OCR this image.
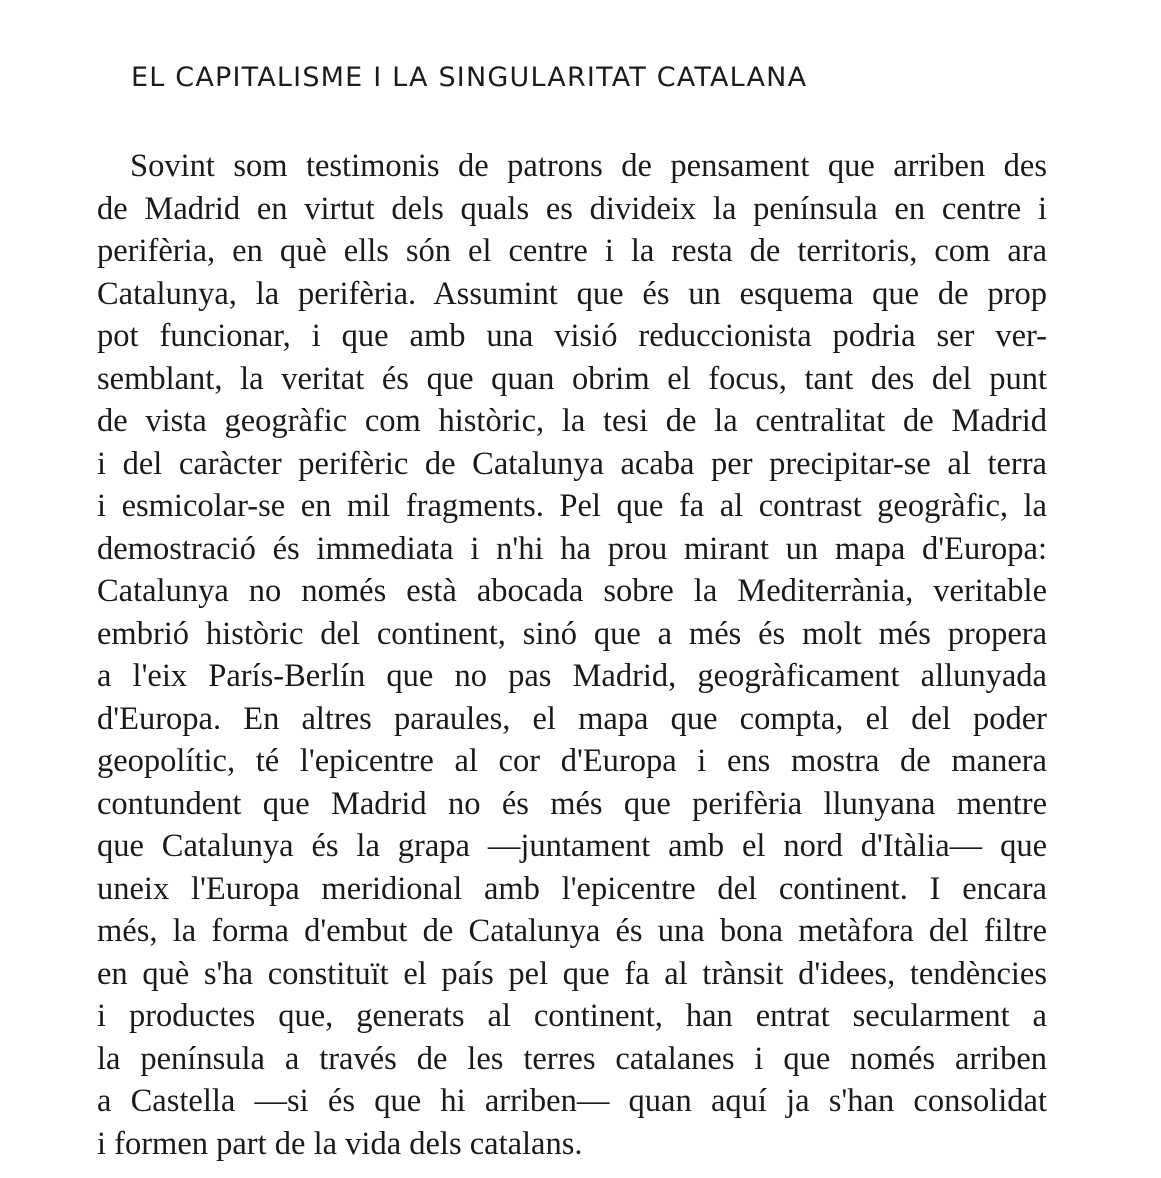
EL CAPITALISME I LA SINGULARITAT CATALANA
Sovint som testimonis de patrons de pensament que arriben des
de Madrid en virtut dels quals es divideix la península en centre i
perifèria, en què ells són el centre i la resta de territoris, com ara
Catalunya, la perifèria. Assumint que és un esquema que de prop
pot funcionar, i que amb una visió reduccionista podria ser ver-
semblant, la veritat és que quan obrim el focus, tant des del punt
de vista geogràfic com històric, la tesi de la centralitat de Madrid
i del caràcter perifèric de Catalunya acaba per precipitar-se al terra
i esmicolar-se en mil fragments. Pel que fa al contrast geogràfic, la
demostració és immediata i n'hi ha prou mirant un mapa d'Europa:
Catalunya no només està abocada sobre la Mediterrània, veritable
embrió històric del continent, sinó que a més és molt més propera
a l'eix París-Berlín que no pas Madrid, geogràficament allunyada
d'Europa. En altres paraules, el mapa que compta, el del poder
geopolític, té l'epicentre al cor d'Europa i ens mostra de manera
contundent que Madrid no és més que perifèria llunyana mentre
que Catalunya és la grapa —juntament amb el nord d'Itàlia— que
uneix l'Europa meridional amb l'epicentre del continent. I encara
més, la forma d'embut de Catalunya és una bona metàfora del filtre
en què s'ha constituït el país pel que fa al trànsit d'idees, tendències
i productes que, generats al continent, han entrat secularment a
la península a través de les terres catalanes i que només arriben
a Castella —si és que hi arriben— quan aquí ja s'han consolidat
i formen part de la vida dels catalans.
